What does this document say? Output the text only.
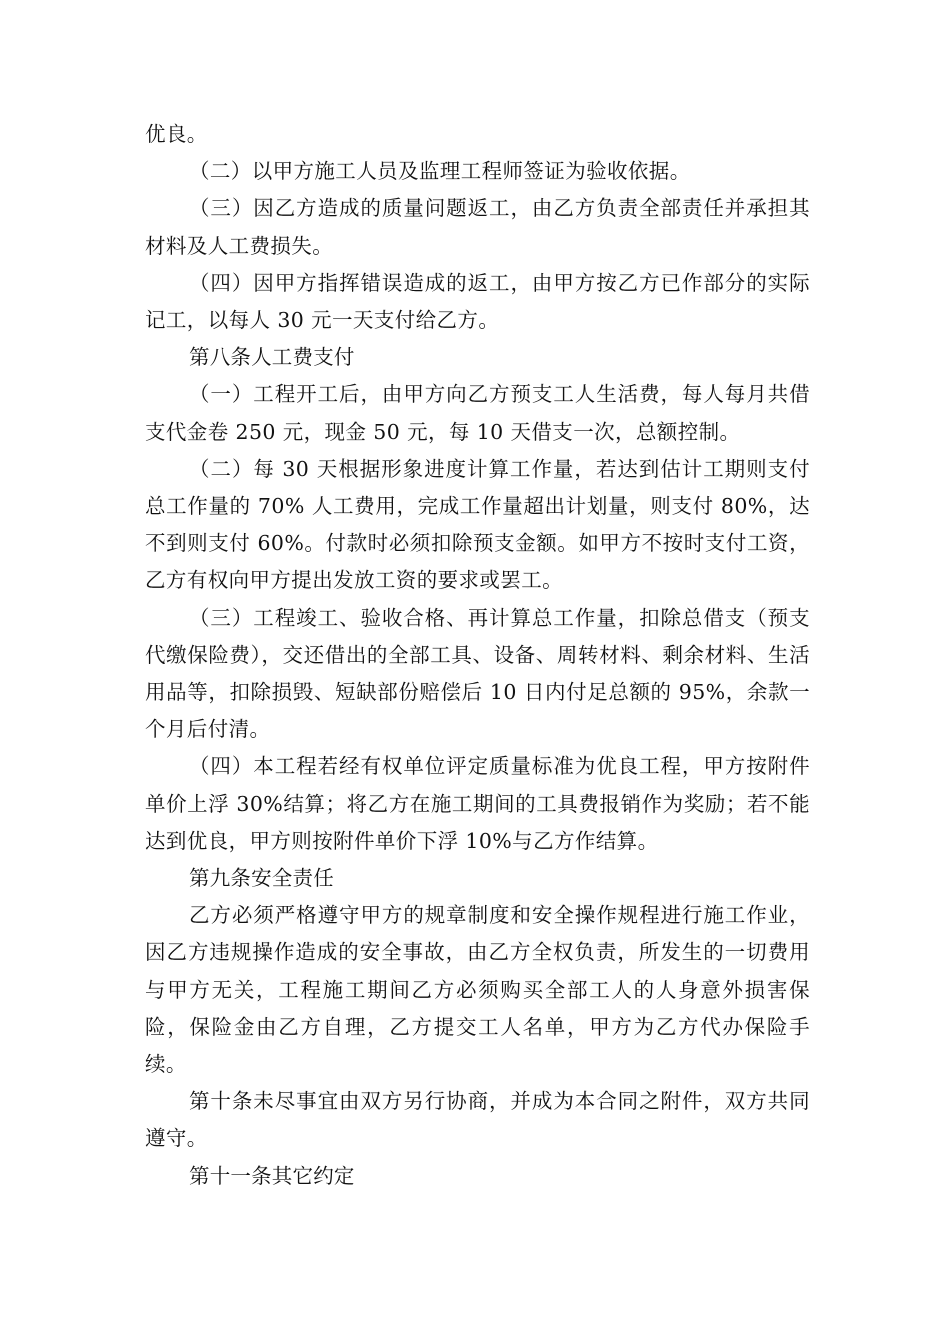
优良。

（二）以甲方施工人员及监理工程师签证为验收依据。

（三）因乙方造成的质量问题返工，由乙方负责全部责任并承担其材料及人工费损失。

（四）因甲方指挥错误造成的返工，由甲方按乙方已作部分的实际记工，以每人 30 元一天支付给乙方。

第八条人工费支付

（一）工程开工后，由甲方向乙方预支工人生活费，每人每月共借支代金卷 250 元，现金 50 元，每 10 天借支一次，总额控制。

（二）每 30 天根据形象进度计算工作量，若达到估计工期则支付总工作量的 70% 人工费用，完成工作量超出计划量，则支付 80%，达不到则支付 60%。付款时必须扣除预支金额。如甲方不按时支付工资，乙方有权向甲方提出发放工资的要求或罢工。

（三）工程竣工、验收合格、再计算总工作量，扣除总借支（预支代缴保险费），交还借出的全部工具、设备、周转材料、剩余材料、生活用品等，扣除损毁、短缺部份赔偿后 10 日内付足总额的 95%，余款一个月后付清。

（四）本工程若经有权单位评定质量标准为优良工程，甲方按附件单价上浮 30%结算；将乙方在施工期间的工具费报销作为奖励；若不能达到优良，甲方则按附件单价下浮 10%与乙方作结算。

第九条安全责任

乙方必须严格遵守甲方的规章制度和安全操作规程进行施工作业，因乙方违规操作造成的安全事故，由乙方全权负责，所发生的一切费用与甲方无关，工程施工期间乙方必须购买全部工人的人身意外损害保险，保险金由乙方自理，乙方提交工人名单，甲方为乙方代办保险手续。

第十条未尽事宜由双方另行协商，并成为本合同之附件，双方共同遵守。

第十一条其它约定
